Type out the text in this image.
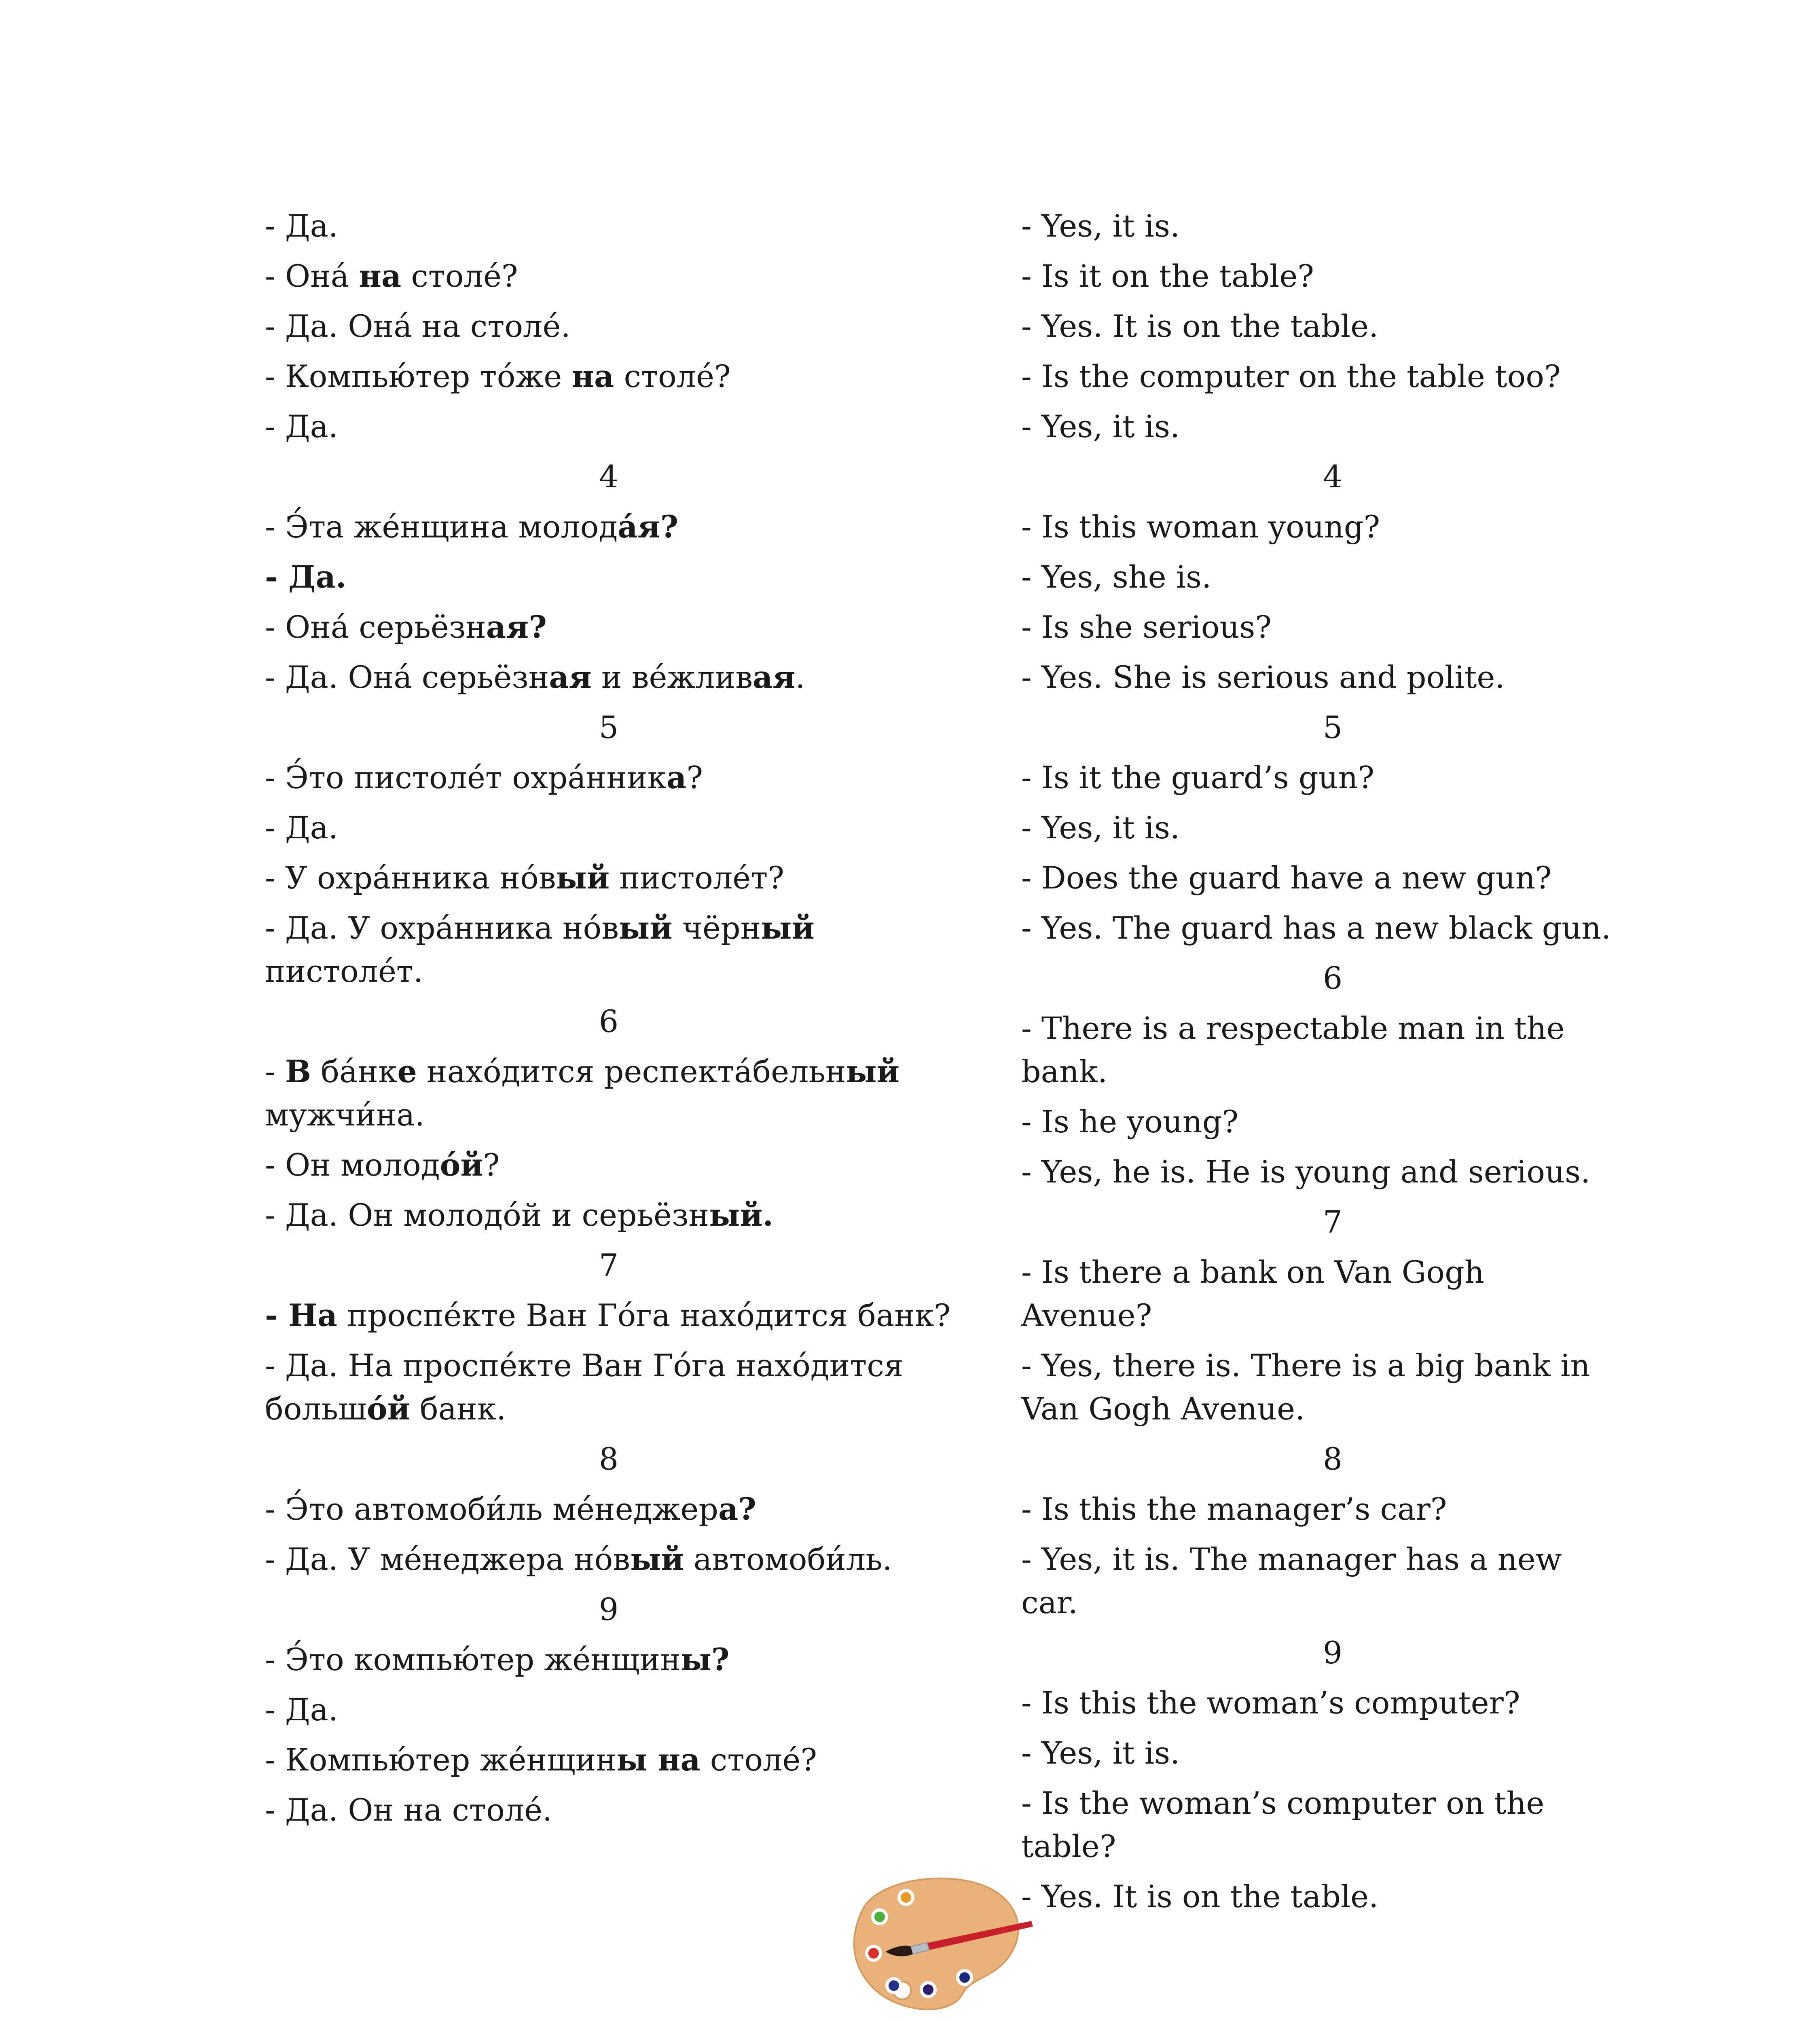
- Да.
- Она́ на столе́?
- Да. Она́ на столе́.
- Компью́тер то́же на столе́?
- Да.
4
- Э́та же́нщина молода́я?
- Да.
- Она́ серьёзная?
- Да. Она́ серьёзная и ве́жливая.
5
- Э́то пистоле́т охра́нника?
- Да.
- У охра́нника но́вый пистоле́т?
- Да. У охра́нника но́вый чёрный
пистоле́т.
6
- В ба́нке нахо́дится респекта́бельный
мужчи́на.
- Он молодо́й?
- Да. Он молодо́й и серьёзный.
7
- На проспе́кте Ван Го́га нахо́дится банк?
- Да. На проспе́кте Ван Го́га нахо́дится
большо́й банк.
8
- Э́то автомоби́ль ме́неджера?
- Да. У ме́неджера но́вый автомоби́ль.
9
- Э́то компью́тер же́нщины?
- Да.
- Компью́тер же́нщины на столе́?
- Да. Он на столе́.
- Yes, it is.
- Is it on the table?
- Yes. It is on the table.
- Is the computer on the table too?
- Yes, it is.
4
- Is this woman young?
- Yes, she is.
- Is she serious?
- Yes. She is serious and polite.
5
- Is it the guard’s gun?
- Yes, it is.
- Does the guard have a new gun?
- Yes. The guard has a new black gun.
6
- There is a respectable man in the
bank.
- Is he young?
- Yes, he is. He is young and serious.
7
- Is there a bank on Van Gogh
Avenue?
- Yes, there is. There is a big bank in
Van Gogh Avenue.
8
- Is this the manager’s car?
- Yes, it is. The manager has a new
car.
9
- Is this the woman’s computer?
- Yes, it is.
- Is the woman’s computer on the
table?
- Yes. It is on the table.
